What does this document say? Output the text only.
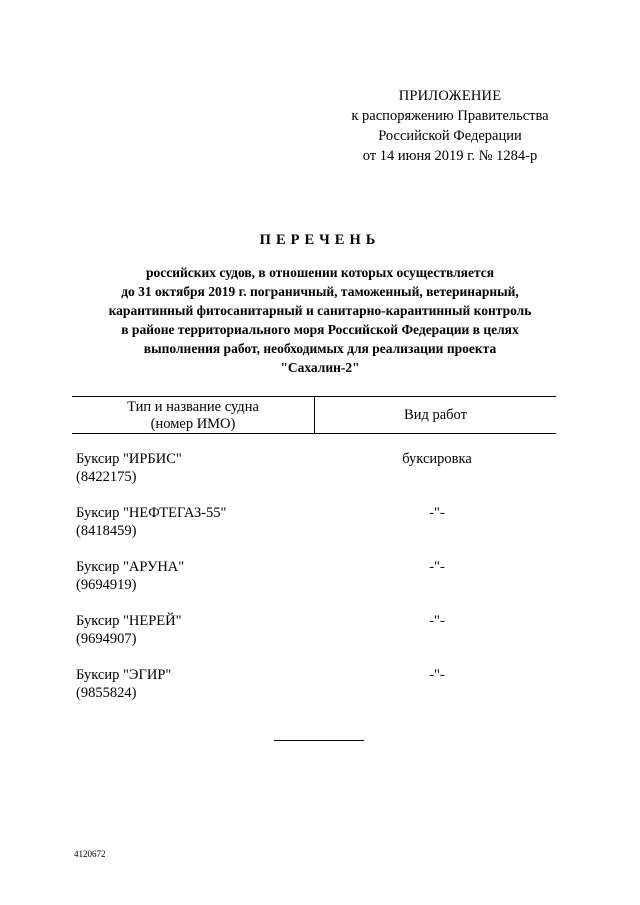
ПРИЛОЖЕНИЕ
к распоряжению Правительства
Российской Федерации
от 14 июня 2019 г. № 1284-р
ПЕРЕЧЕНЬ
российских судов, в отношении которых осуществляется
до 31 октября 2019 г. пограничный, таможенный, ветеринарный,
карантинный фитосанитарный и санитарно-карантинный контроль
в районе территориального моря Российской Федерации в целях
выполнения работ, необходимых для реализации проекта
"Сахалин-2"
Тип и название судна
(номер ИМО)
Вид работ
Буксир "ИРБИС"
(8422175)
буксировка
Буксир "НЕФТЕГАЗ-55"
(8418459)
-"-
Буксир "АРУНА"
(9694919)
-"-
Буксир "НЕРЕЙ"
(9694907)
-"-
Буксир "ЭГИР"
(9855824)
-"-
4120672
